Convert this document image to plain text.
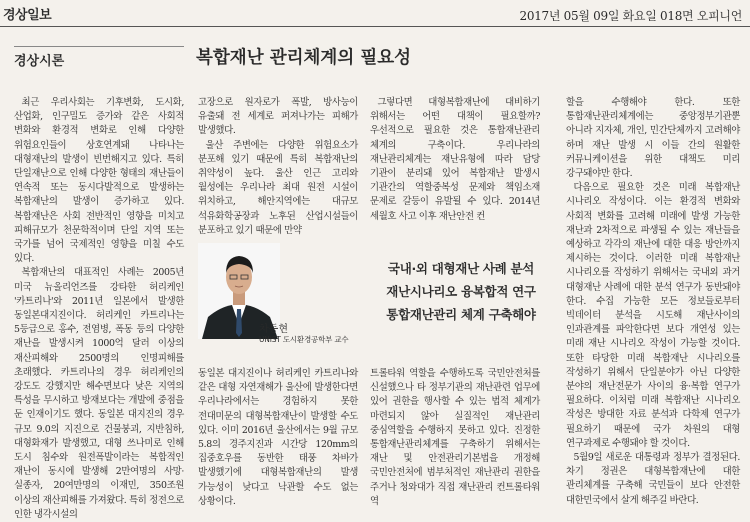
경상일보	2017년 05월 09일 화요일 018면 오피니언
경상시론	복합재난 관리체계의 필요성

최근 우리사회는 기후변화, 도시화, 산업화, 인구밀도 증가와 같은 사회적 변화와 환경적 변화로 인해 다양한 위험요인들이 상호연계돼 나타나는 대형재난의 발생이 빈번해지고 있다. 특히 단일재난으로 인해 다양한 형태의 재난들이 연속적 또는 동시다발적으로 발생하는 복합재난의 발생이 증가하고 있다. 복합재난은 사회 전반적인 영향을 미치고 피해규모가 천문학적이며 단일 지역 또는 국가를 넘어 국제적인 영향을 미칠 수도 있다.

복합재난의 대표적인 사례는 2005년 미국 뉴올리언즈를 강타한 허리케인 '카트리나'와 2011년 일본에서 발생한 동일본대지진이다. 허리케인 카트리나는 5등급으로 홍수, 전염병, 폭동 등의 다양한 재난을 발생시켜 1000억 달러 이상의 재산피해와 2500명의 인명피해를 초래했다. 카트리나의 경우 허리케인의 강도도 강했지만 해수면보다 낮은 지역의 특성을 무시하고 방재보다는 개발에 중점을 둔 인재이기도 했다. 동일본 대지진의 경우 규모 9.0의 지진으로 건물붕괴, 지반침하, 대형화재가 발생했고, 대형 쓰나미로 인해 도시 침수와 원전폭발이라는 복합적인 재난이 동시에 발생해 2만여명의 사망·실종자, 20여만명의 이재민, 350조원 이상의 재산피해를 가져왔다. 특히 정전으로 인한 냉각시설의

고장으로 원자로가 폭발, 방사능이 유출돼 전 세계로 퍼져나가는 피해가 발생했다.

울산 주변에는 다양한 위험요소가 분포해 있기 때문에 특히 복합재난의 취약성이 높다. 울산 인근 고리와 월성에는 우리나라 최대 원전 시설이 위치하고, 해안지역에는 대규모 석유화학공장과 노후된 산업시설들이 분포하고 있기 때문에 만약

차동현
UNIST 도시환경공학부 교수

동일본 대지진이나 허리케인 카트리나와 같은 대형 자연재해가 울산에 발생한다면 우리나라에서는 경험하지 못한 전대미문의 대형복합재난이 발생할 수도 있다. 이미 2016년 울산에서는 9월 규모 5.8의 경주지진과 시간당 120mm의 집중호우를 동반한 태풍 차바가 발생했기에 대형복합재난의 발생 가능성이 낮다고 낙관할 수도 없는 상황이다.

그렇다면 대형복합재난에 대비하기 위해서는 어떤 대책이 필요할까? 우선적으로 필요한 것은 통합재난관리 체계의 구축이다. 우리나라의 재난관리체계는 재난유형에 따라 담당 기관이 분리돼 있어 복합재난 발생시 기관간의 역할중복성 문제와 책임소재 문제로 갈등이 유발될 수 있다. 2014년 세월호 사고 이후 재난안전 컨

국내·외 대형재난 사례 분석
재난시나리오 융복합적 연구
통합재난관리 체계 구축해야

트롤타워 역할을 수행하도록 국민안전처를 신설했으나 타 정부기관의 재난관련 업무에 있어 권한을 행사할 수 있는 법적 체계가 마련되지 않아 실질적인 재난관리 중심역할을 수행하지 못하고 있다. 진정한 통합재난관리체계를 구축하기 위해서는 재난 및 안전관리기본법을 개정해 국민안전처에 범부처적인 재난관리 권한을 주거나 청와대가 직접 재난관리 컨트롤타워 역

할을 수행해야 한다. 또한 통합재난관리체계에는 중앙정부기관뿐 아니라 지자체, 개인, 민간단체까지 고려해야 하며 재난 발생 시 이들 간의 원활한 커뮤니케이션을 위한 대책도 미리 강구돼야만 한다.

다음으로 필요한 것은 미래 복합재난 시나리오 작성이다. 이는 환경적 변화와 사회적 변화를 고려해 미래에 발생 가능한 재난과 2차적으로 파생될 수 있는 재난들을 예상하고 각각의 재난에 대한 대응 방안까지 제시하는 것이다. 이러한 미래 복합재난 시나리오를 작성하기 위해서는 국내외 과거 대형재난 사례에 대한 분석 연구가 동반돼야 한다. 수집 가능한 모든 정보들로부터 빅데이터 분석을 시도해 재난사이의 인과관계를 파악한다면 보다 개연성 있는 미래 재난 시나리오 작성이 가능할 것이다. 또한 타당한 미래 복합재난 시나리오를 작성하기 위해서 단일분야가 아닌 다양한 분야의 재난전문가 사이의 융·복합 연구가 필요하다. 이처럼 미래 복합재난 시나리오 작성은 방대한 자료 분석과 다학제 연구가 필요하기 때문에 국가 차원의 대형 연구과제로 수행돼야 할 것이다.

5월9일 새로운 대통령과 정부가 결정된다. 차기 정권은 대형복합재난에 대한 관리체계를 구축해 국민들이 보다 안전한 대한민국에서 살게 해주길 바란다.
